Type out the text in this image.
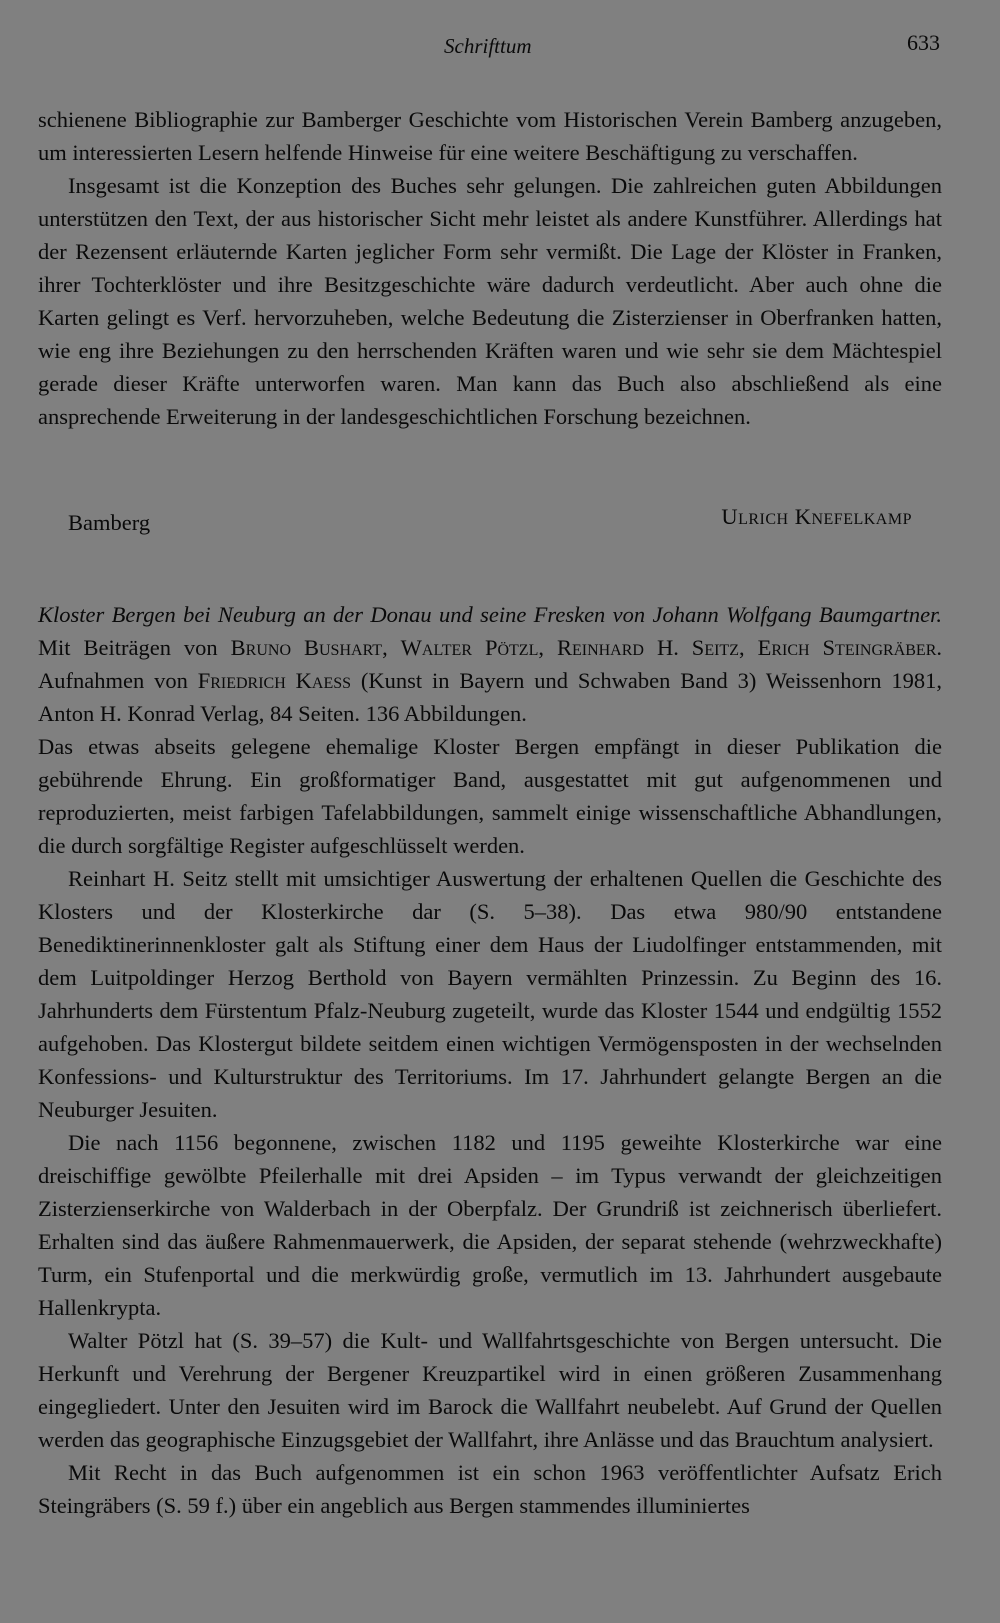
Schrifttum	633

schienene Bibliographie zur Bamberger Geschichte vom Historischen Verein Bamberg anzugeben, um interessierten Lesern helfende Hinweise für eine weitere Beschäftigung zu verschaffen.

Insgesamt ist die Konzeption des Buches sehr gelungen. Die zahlreichen guten Abbildungen unterstützen den Text, der aus historischer Sicht mehr leistet als andere Kunstführer. Allerdings hat der Rezensent erläuternde Karten jeglicher Form sehr vermißt. Die Lage der Klöster in Franken, ihrer Tochterklöster und ihre Besitzgeschichte wäre dadurch verdeutlicht. Aber auch ohne die Karten gelingt es Verf. hervorzuheben, welche Bedeutung die Zisterzienser in Oberfranken hatten, wie eng ihre Beziehungen zu den herrschenden Kräften waren und wie sehr sie dem Mächtespiel gerade dieser Kräfte unterworfen waren. Man kann das Buch also abschließend als eine ansprechende Erweiterung in der landesgeschichtlichen Forschung bezeichnen.

Bamberg	Ulrich Knefelkamp

Kloster Bergen bei Neuburg an der Donau und seine Fresken von Johann Wolfgang Baumgartner. Mit Beiträgen von Bruno Bushart, Walter Pötzl, Reinhard H. Seitz, Erich Steingräber. Aufnahmen von Friedrich Kaess (Kunst in Bayern und Schwaben Band 3) Weissenhorn 1981, Anton H. Konrad Verlag, 84 Seiten. 136 Abbildungen.

Das etwas abseits gelegene ehemalige Kloster Bergen empfängt in dieser Publikation die gebührende Ehrung. Ein großformatiger Band, ausgestattet mit gut aufgenommenen und reproduzierten, meist farbigen Tafelabbildungen, sammelt einige wissenschaftliche Abhandlungen, die durch sorgfältige Register aufgeschlüsselt werden.

Reinhart H. Seitz stellt mit umsichtiger Auswertung der erhaltenen Quellen die Geschichte des Klosters und der Klosterkirche dar (S. 5–38). Das etwa 980/90 entstandene Benediktinerinnenkloster galt als Stiftung einer dem Haus der Liudolfinger entstammenden, mit dem Luitpoldinger Herzog Berthold von Bayern vermählten Prinzessin. Zu Beginn des 16. Jahrhunderts dem Fürstentum Pfalz-Neuburg zugeteilt, wurde das Kloster 1544 und endgültig 1552 aufgehoben. Das Klostergut bildete seitdem einen wichtigen Vermögensposten in der wechselnden Konfessions- und Kulturstruktur des Territoriums. Im 17. Jahrhundert gelangte Bergen an die Neuburger Jesuiten.

Die nach 1156 begonnene, zwischen 1182 und 1195 geweihte Klosterkirche war eine dreischiffige gewölbte Pfeilerhalle mit drei Apsiden – im Typus verwandt der gleichzeitigen Zisterzienserkirche von Walderbach in der Oberpfalz. Der Grundriß ist zeichnerisch überliefert. Erhalten sind das äußere Rahmenmauerwerk, die Apsiden, der separat stehende (wehrzweckhafte) Turm, ein Stufenportal und die merkwürdig große, vermutlich im 13. Jahrhundert ausgebaute Hallenkrypta.

Walter Pötzl hat (S. 39–57) die Kult- und Wallfahrtsgeschichte von Bergen untersucht. Die Herkunft und Verehrung der Bergener Kreuzpartikel wird in einen größeren Zusammenhang eingegliedert. Unter den Jesuiten wird im Barock die Wallfahrt neubelebt. Auf Grund der Quellen werden das geographische Einzugsgebiet der Wallfahrt, ihre Anlässe und das Brauchtum analysiert.

Mit Recht in das Buch aufgenommen ist ein schon 1963 veröffentlichter Aufsatz Erich Steingräbers (S. 59 f.) über ein angeblich aus Bergen stammendes illuminiertes
